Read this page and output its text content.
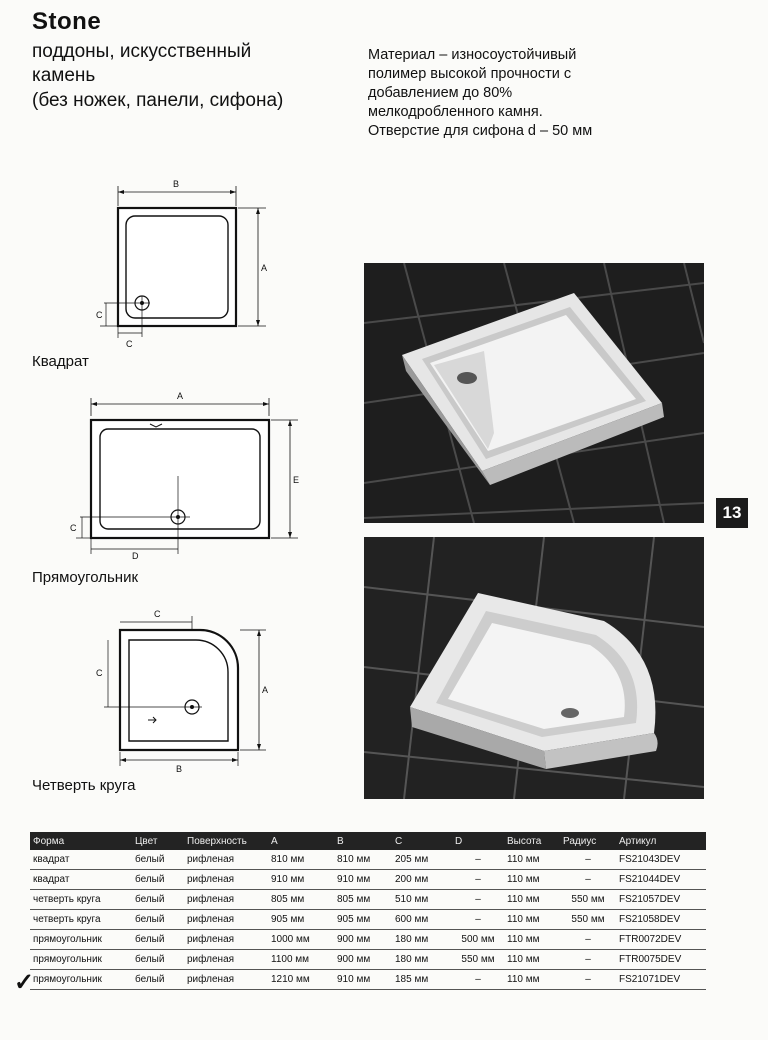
Stone
поддоны, искусственный
камень
(без ножек, панели, сифона)
Материал – износоустойчивый
полимер высокой прочности с
добавлением до 80%
мелкодробленного камня.
Отверстие для сифона d – 50 мм
B
A
C
C
Квадрат
A
E
C
D
Прямоугольник
C
C
A
B
Четверть круга
13
Форма	Цвет	Поверхность	A	B	C	D	Высота	Радиус	Артикул
квадрат	белый	рифленая	810 мм	810 мм	205 мм	–	110 мм	–	FS21043DEV
квадрат	белый	рифленая	910 мм	910 мм	200 мм	–	110 мм	–	FS21044DEV
четверть круга	белый	рифленая	805 мм	805 мм	510 мм	–	110 мм	550 мм	FS21057DEV
четверть круга	белый	рифленая	905 мм	905 мм	600 мм	–	110 мм	550 мм	FS21058DEV
прямоугольник	белый	рифленая	1000 мм	900 мм	180 мм	500 мм	110 мм	–	FTR0072DEV
прямоугольник	белый	рифленая	1100 мм	900 мм	180 мм	550 мм	110 мм	–	FTR0075DEV
прямоугольник	белый	рифленая	1210 мм	910 мм	185 мм	–	110 мм	–	FS21071DEV
✓
